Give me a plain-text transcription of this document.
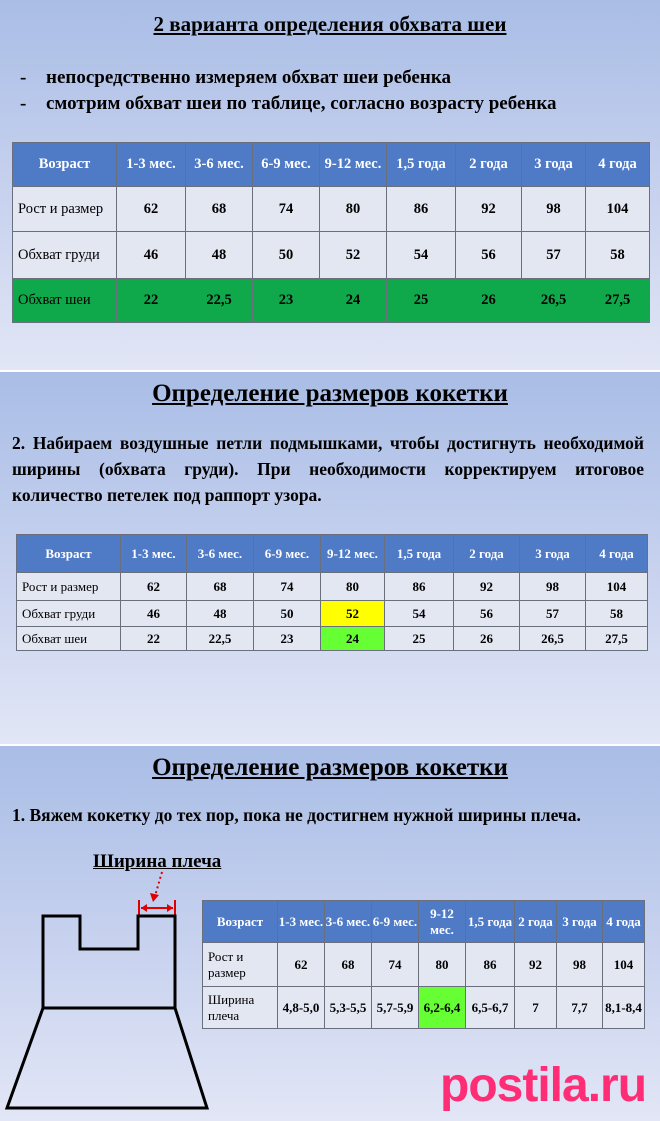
2 варианта определения обхвата шеи
- непосредственно измеряем обхват шеи ребенка
- смотрим обхват шеи по таблице, согласно возрасту ребенка
Возраст	1-3 мес.	3-6 мес.	6-9 мес.	9-12 мес.	1,5 года	2 года	3 года	4 года
Рост и размер	62	68	74	80	86	92	98	104
Обхват груди	46	48	50	52	54	56	57	58
Обхват шеи	22	22,5	23	24	25	26	26,5	27,5
Определение размеров кокетки
2. Набираем воздушные петли подмышками, чтобы достигнуть необходимой ширины (обхвата груди). При необходимости корректируем итоговое количество петелек под раппорт узора.
Возраст	1-3 мес.	3-6 мес.	6-9 мес.	9-12 мес.	1,5 года	2 года	3 года	4 года
Рост и размер	62	68	74	80	86	92	98	104
Обхват груди	46	48	50	52	54	56	57	58
Обхват шеи	22	22,5	23	24	25	26	26,5	27,5
Определение размеров кокетки
1. Вяжем кокетку до тех пор, пока не достигнем нужной ширины плеча.
Ширина плеча
Возраст	1-3 мес.	3-6 мес.	6-9 мес.	9-12 мес.	1,5 года	2 года	3 года	4 года
Рост и размер	62	68	74	80	86	92	98	104
Ширина плеча	4,8-5,0	5,3-5,5	5,7-5,9	6,2-6,4	6,5-6,7	7	7,7	8,1-8,4
postila.ru
